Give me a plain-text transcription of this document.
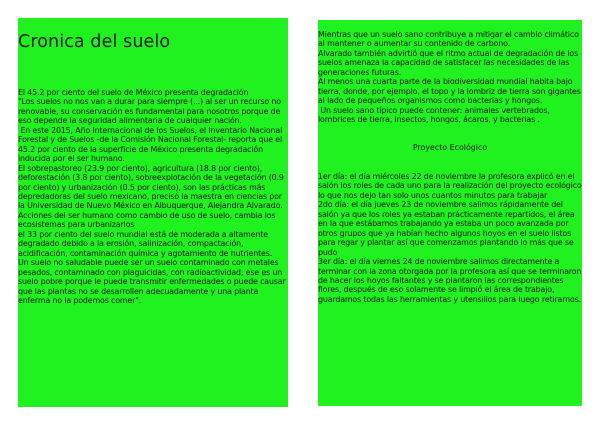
Cronica del suelo

El 45.2 por ciento del suelo de México presenta degradación
"Los suelos no nos van a durar para siempre (...) al ser un recurso no renovable, su conservación es fundamental para nosotros porque de eso depende la seguridad alimentaria de cualquier nación.
En este 2015, Año Internacional de los Suelos, el Inventario Nacional Forestal y de Suelos -de la Comisión Nacional Forestal- reporta que el 45.2 por ciento de la superficie de México presenta degradación inducida por el ser humano.
El sobrepastoreo (23.9 por ciento), agricultura (18.8 por ciento), deforestación (3.8 por ciento), sobreexplotación de la vegetación (0.9 por ciento) y urbanización (0.5 por ciento), son las prácticas más depredadoras del suelo mexicano, precisó la maestra en ciencias por la Universidad de Nuevo México en Albuquerque, Alejandra Alvarado.
Acciones del ser humano como cambio de uso de suelo, cambia los ecosistemas para urbanizarlos
el 33 por ciento del suelo mundial está de moderada a altamente degradado debido a la erosión, salinización, compactación, acidificación, contaminación química y agotamiento de nutrientes.
Un suelo no saludable puede ser un suelo contaminado con metales pesados, contaminado con plaguicidas, con radioactividad, ese es un suelo pobre porque le puede transmitir enfermedades o puede causar que las plantas no se desarrollen adecuadamente y una planta enferma no la podemos comer".

Mientras que un suelo sano contribuye a mitigar el cambio climático al mantener o aumentar su contenido de carbono.
Alvarado también advirtió que el ritmo actual de degradación de los suelos amenaza la capacidad de satisfacer las necesidades de las generaciones futuras.
Al menos una cuarta parte de la biodiversidad mundial habita bajo tierra, donde, por ejemplo, el topo y la lombriz de tierra son gigantes al lado de pequeños organismos como bacterias y hongos.
Un suelo sano típico puede contener: animales vertebrados, lombrices de tierra, insectos, hongos, ácaros, y bacterias .

Proyecto Ecológico

1er día: el día miércoles 22 de noviembre la profesora explicó en el salón los roles de cada uno para la realización del proyecto ecológico lo que nos dejo tan solo unos cuantos minutos para trabajar
2do día: el día jueves 23 de noviembre salimos rápidamente del salón ya que los roles ya estaban prácticamente repartidos, el área en la que estábamos trabajando ya estaba un poco avanzada por otros grupos que ya habían hecho algunos hoyos en el suelo listos para regar y plantar así que comenzamos plantando lo más que se pudo
3er día: el día viernes 24 de noviembre salimos directamente a terminar con la zona otorgada por la profesora así que se terminaron de hacer los hoyos faltantes y se plantaron las correspondientes flores, después de eso solamente se limpió el área de trabajo, guardamos todas las herramientas y utensilios para luego retirarnos.
